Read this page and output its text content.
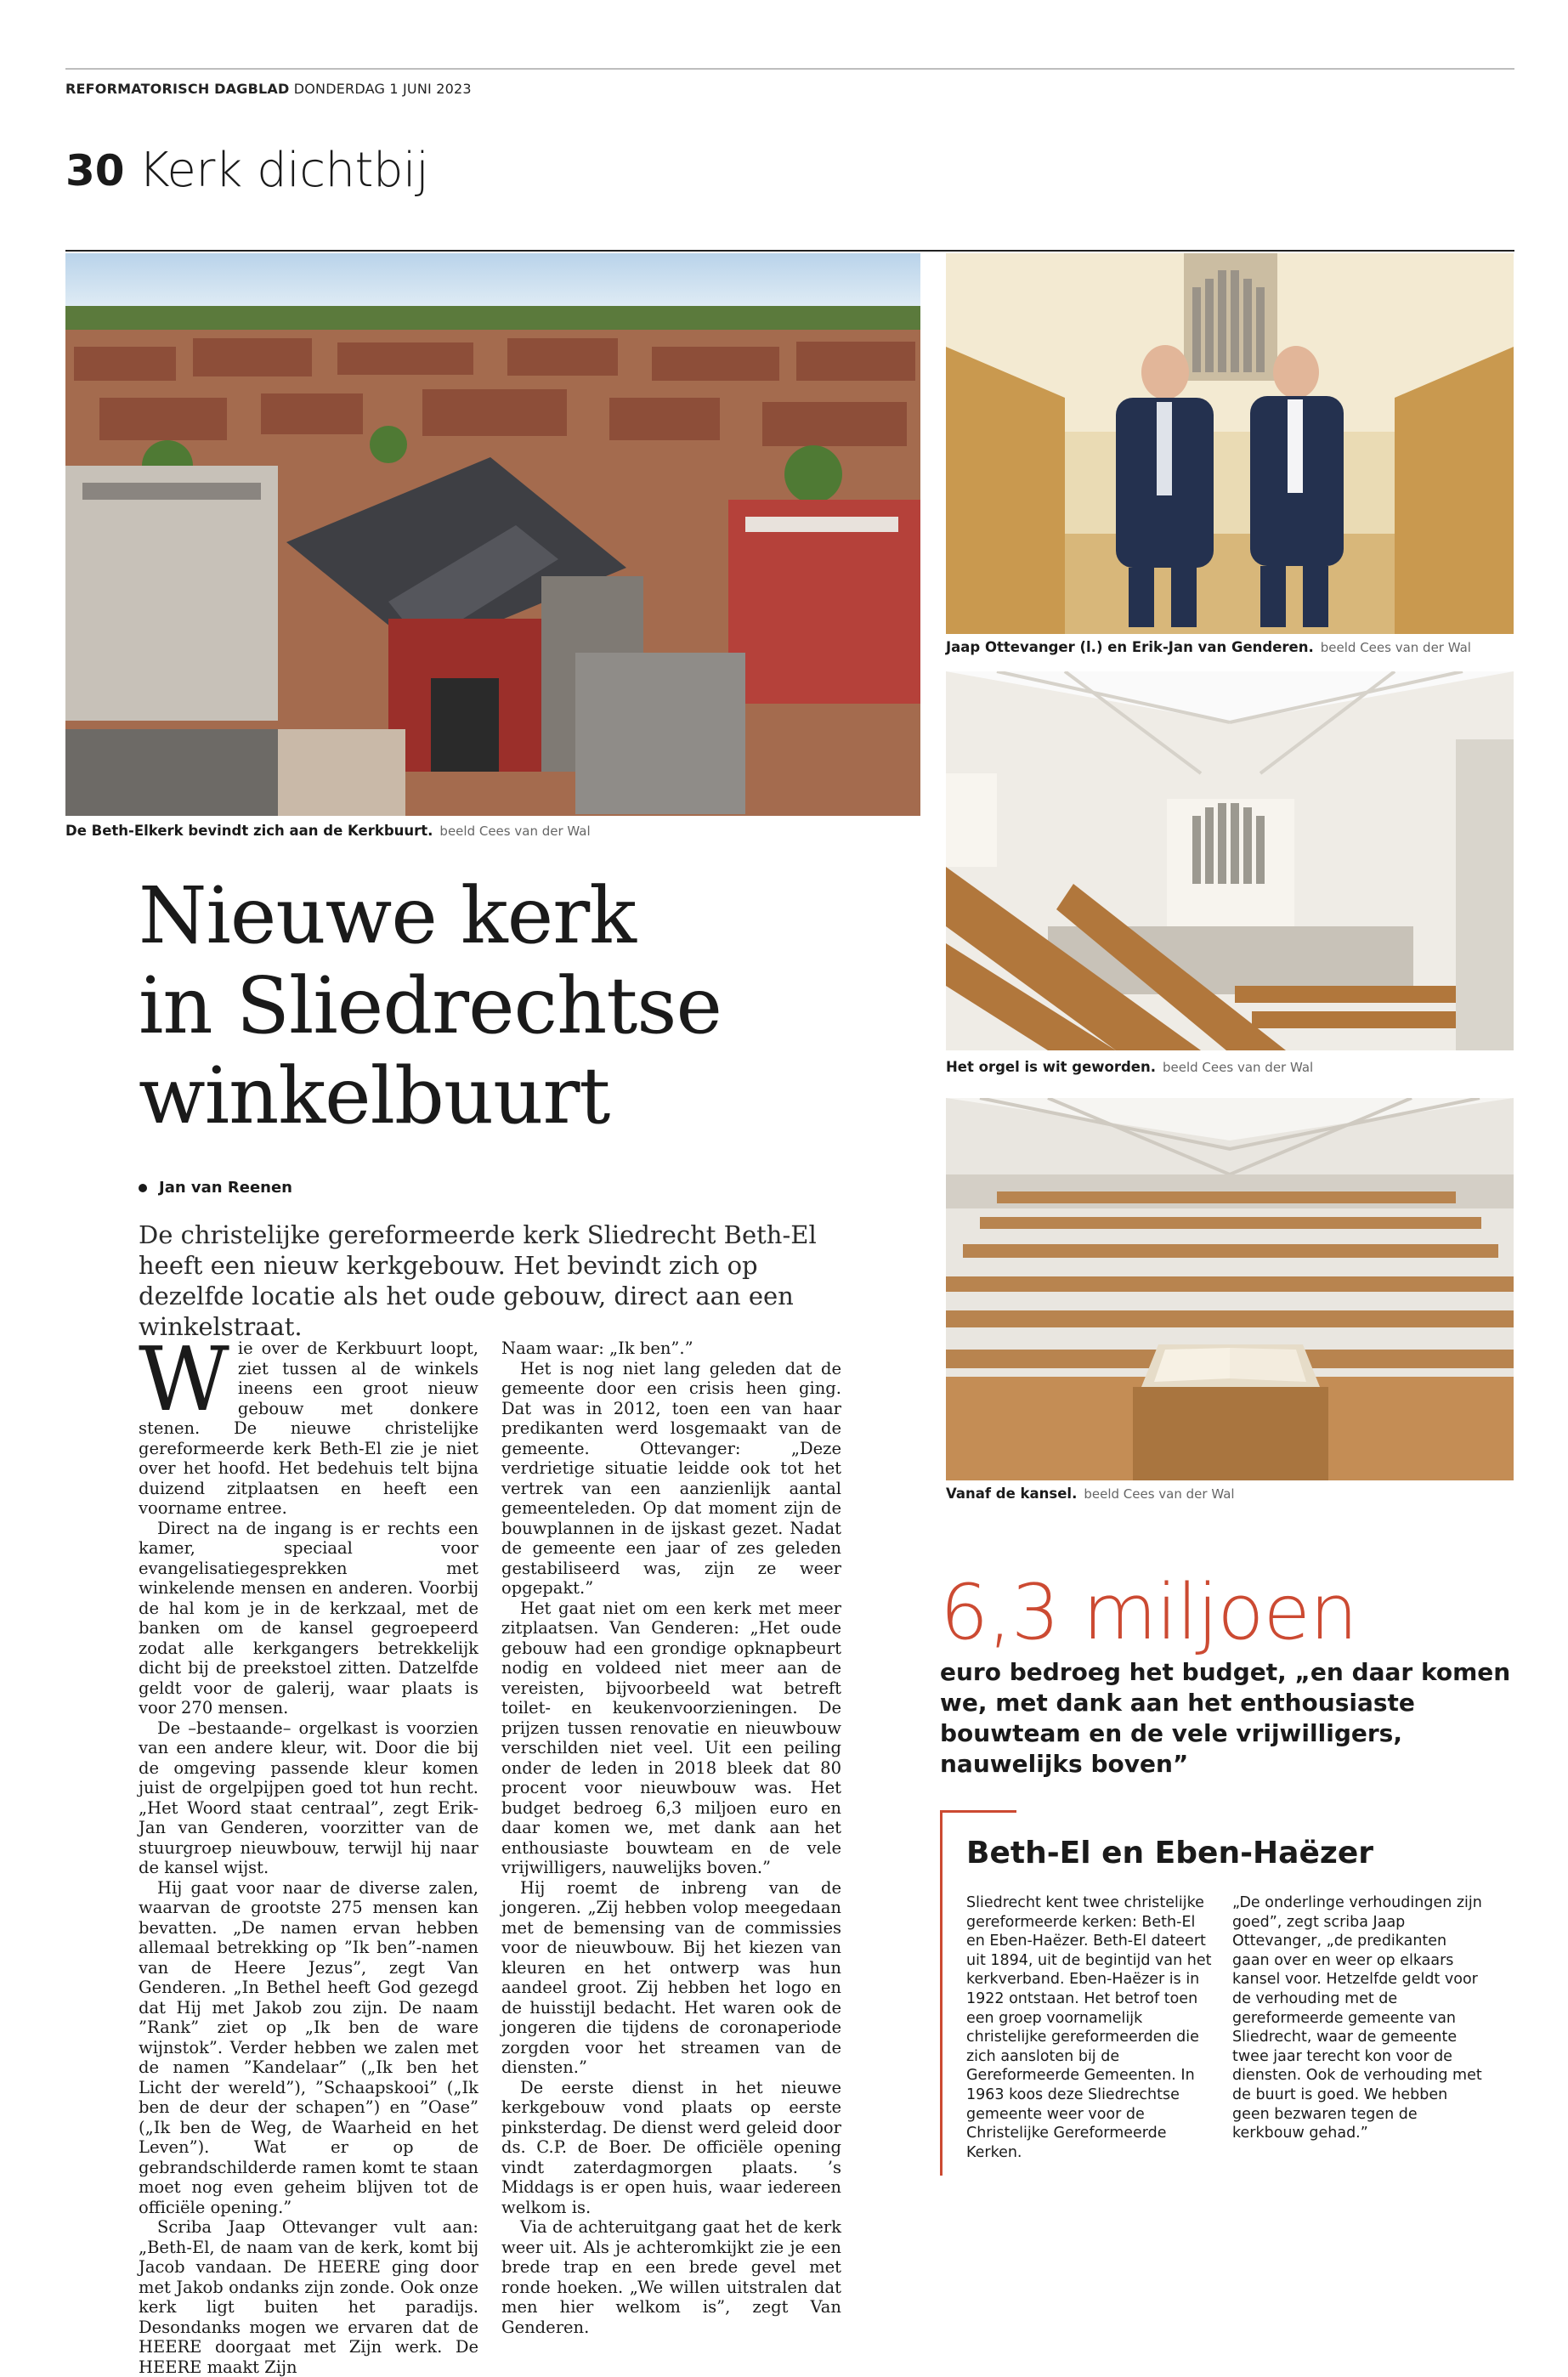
REFORMATORISCH DAGBLAD DONDERDAG 1 JUNI 2023
30 Kerk dichtbij
De Beth-Elkerk bevindt zich aan de Kerkbuurt. beeld Cees van der Wal
Jaap Ottevanger (l.) en Erik-Jan van Genderen. beeld Cees van der Wal
Het orgel is wit geworden. beeld Cees van der Wal
Vanaf de kansel. beeld Cees van der Wal
Nieuwe kerk
in Sliedrechtse
winkelbuurt
Jan van Reenen
De christelijke gereformeerde kerk Sliedrecht Beth-El heeft een nieuw kerkgebouw. Het bevindt zich op dezelfde locatie als het oude gebouw, direct aan een winkelstraat.

Wie over de Kerkbuurt loopt, ziet tussen al de winkels ineens een groot nieuw gebouw met donkere stenen. De nieuwe christelijke gereformeerde kerk Beth-El zie je niet over het hoofd. Het bedehuis telt bijna duizend zitplaatsen en heeft een voorname entree.

Direct na de ingang is er rechts een kamer, speciaal voor evangelisatiegesprekken met winkelende mensen en anderen. Voorbij de hal kom je in de kerkzaal, met de banken om de kansel gegroepeerd zodat alle kerkgangers betrekkelijk dicht bij de preekstoel zitten. Datzelfde geldt voor de galerij, waar plaats is voor 270 mensen.

De –bestaande– orgelkast is voorzien van een andere kleur, wit. Door die bij de omgeving passende kleur komen juist de orgelpijpen goed tot hun recht. „Het Woord staat centraal”, zegt Erik-Jan van Genderen, voorzitter van de stuurgroep nieuwbouw, terwijl hij naar de kansel wijst.

Hij gaat voor naar de diverse zalen, waarvan de grootste 275 mensen kan bevatten. „De namen ervan hebben allemaal betrekking op ”Ik ben”-namen van de Heere Jezus”, zegt Van Genderen. „In Bethel heeft God gezegd dat Hij met Jakob zou zijn. De naam ”Rank” ziet op „Ik ben de ware wijnstok”. Verder hebben we zalen met de namen ”Kandelaar” („Ik ben het Licht der wereld”), ”Schaapskooi” („Ik ben de deur der schapen”) en ”Oase” („Ik ben de Weg, de Waarheid en het Leven”). Wat er op de gebrandschilderde ramen komt te staan moet nog even geheim blijven tot de officiële opening.”

Scriba Jaap Ottevanger vult aan: „Beth-El, de naam van de kerk, komt bij Jacob vandaan. De HEERE ging door met Jakob ondanks zijn zonde. Ook onze kerk ligt buiten het paradijs. Desondanks mogen we ervaren dat de HEERE doorgaat met Zijn werk. De HEERE maakt Zijn

Naam waar: „Ik ben”.”

Het is nog niet lang geleden dat de gemeente door een crisis heen ging. Dat was in 2012, toen een van haar predikanten werd losgemaakt van de gemeente. Ottevanger: „Deze verdrietige situatie leidde ook tot het vertrek van een aanzienlijk aantal gemeenteleden. Op dat moment zijn de bouwplannen in de ijskast gezet. Nadat de gemeente een jaar of zes geleden gestabiliseerd was, zijn ze weer opgepakt.”

Het gaat niet om een kerk met meer zitplaatsen. Van Genderen: „Het oude gebouw had een grondige opknapbeurt nodig en voldeed niet meer aan de vereisten, bijvoorbeeld wat betreft toilet- en keukenvoorzieningen. De prijzen tussen renovatie en nieuwbouw verschilden niet veel. Uit een peiling onder de leden in 2018 bleek dat 80 procent voor nieuwbouw was. Het budget bedroeg 6,3 miljoen euro en daar komen we, met dank aan het enthousiaste bouwteam en de vele vrijwilligers, nauwelijks boven.”

Hij roemt de inbreng van de jongeren. „Zij hebben volop meegedaan met de bemensing van de commissies voor de nieuwbouw. Bij het kiezen van kleuren en het ontwerp was hun aandeel groot. Zij hebben het logo en de huisstijl bedacht. Het waren ook de jongeren die tijdens de coronaperiode zorgden voor het streamen van de diensten.”

De eerste dienst in het nieuwe kerkgebouw vond plaats op eerste pinksterdag. De dienst werd geleid door ds. C.P. de Boer. De officiële opening vindt zaterdagmorgen plaats. ’s Middags is er open huis, waar iedereen welkom is.

Via de achteruitgang gaat het de kerk weer uit. Als je achteromkijkt zie je een brede trap en een brede gevel met ronde hoeken. „We willen uitstralen dat men hier welkom is”, zegt Van Genderen.

6,3 miljoen
euro bedroeg het budget, „en daar komen we, met dank aan het enthousiaste bouwteam en de vele vrijwilligers, nauwelijks boven”
Beth-El en Eben-Haëzer
Sliedrecht kent twee christelijke gereformeerde kerken: Beth-El en Eben-Haëzer. Beth-El dateert uit 1894, uit de begintijd van het kerkverband. Eben-Haëzer is in 1922 ontstaan. Het betrof toen een groep voornamelijk christelijke gereformeerden die zich aansloten bij de Gereformeerde Gemeenten. In 1963 koos deze Sliedrechtse gemeente weer voor de Christelijke Gereformeerde Kerken.
„De onderlinge verhoudingen zijn goed”, zegt scriba Jaap Ottevanger, „de predikanten gaan over en weer op elkaars kansel voor. Hetzelfde geldt voor de verhouding met de gereformeerde gemeente van Sliedrecht, waar de gemeente twee jaar terecht kon voor de diensten. Ook de verhouding met de buurt is goed. We hebben geen bezwaren tegen de kerkbouw gehad.”
